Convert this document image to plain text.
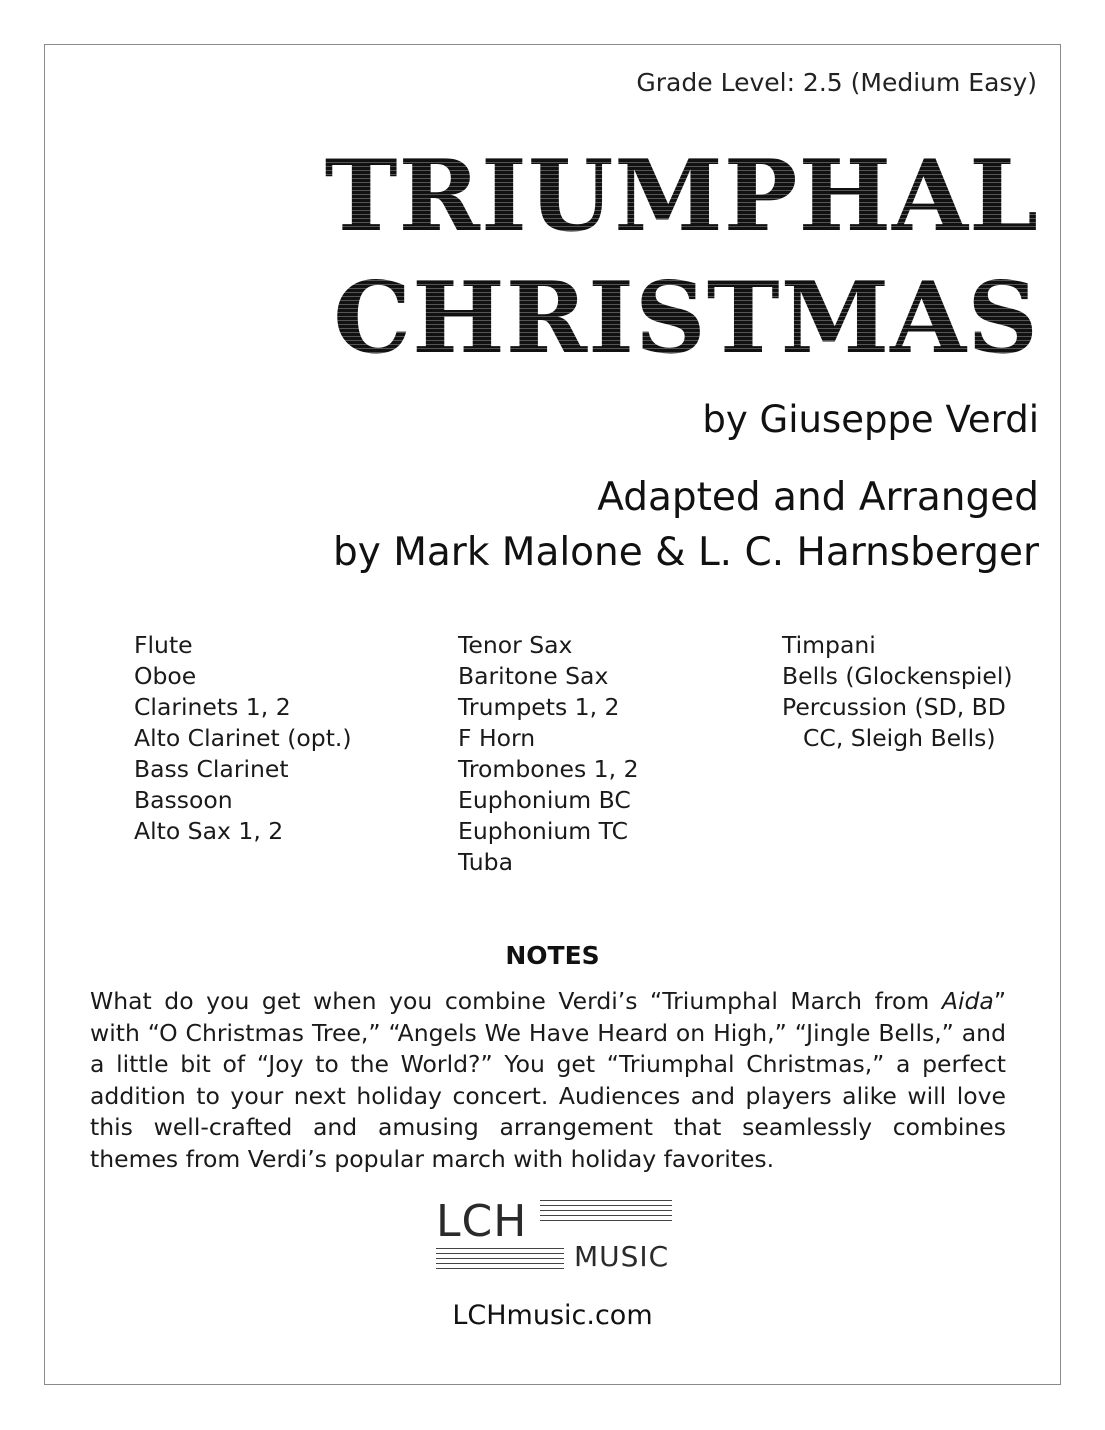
Grade Level: 2.5 (Medium Easy)
TRIUMPHAL
CHRISTMAS
by Giuseppe Verdi
Adapted and Arranged
by Mark Malone & L. C. Harnsberger
Flute
Oboe
Clarinets 1, 2
Alto Clarinet (opt.)
Bass Clarinet
Bassoon
Alto Sax 1, 2
Tenor Sax
Baritone Sax
Trumpets 1, 2
F Horn
Trombones 1, 2
Euphonium BC
Euphonium TC
Tuba
Timpani
Bells (Glockenspiel)
Percussion (SD, BD
CC, Sleigh Bells)
NOTES
What do you get when you combine Verdi’s “Triumphal March from Aida” with “O Christmas Tree,” “Angels We Have Heard on High,” “Jingle Bells,” and a little bit of “Joy to the World?” You get “Triumphal Christmas,” a perfect addition to your next holiday concert. Audiences and players alike will love this well-crafted and amusing arrangement that seamlessly combines themes from Verdi’s popular march with holiday favorites.
LCH
MUSIC
LCHmusic.com
